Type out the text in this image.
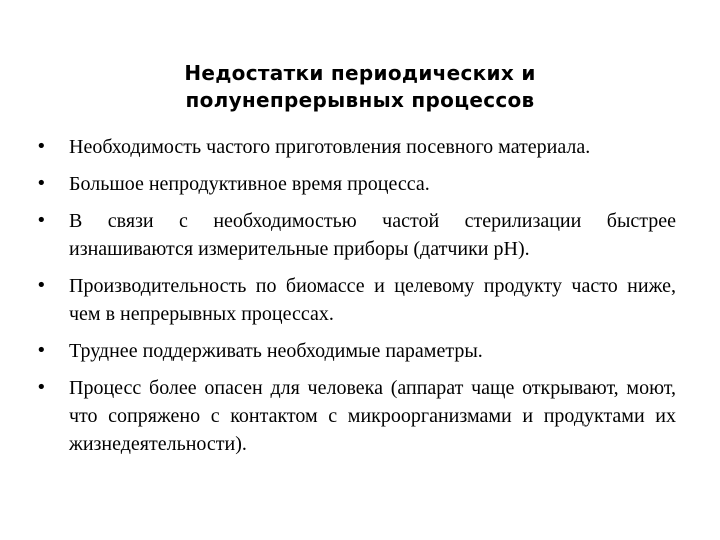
Недостатки периодических и
полунепрерывных процессов
• Необходимость частого приготовления посевного материала.
• Большое непродуктивное время процесса.
• В связи с необходимостью частой стерилизации быстрее изнашиваются измерительные приборы (датчики рН).
• Производительность по биомассе и целевому продукту часто ниже, чем в непрерывных процессах.
• Труднее поддерживать необходимые параметры.
• Процесс более опасен для человека (аппарат чаще открывают, моют, что сопряжено с контактом с микроорганизмами и продуктами их жизнедеятельности).
